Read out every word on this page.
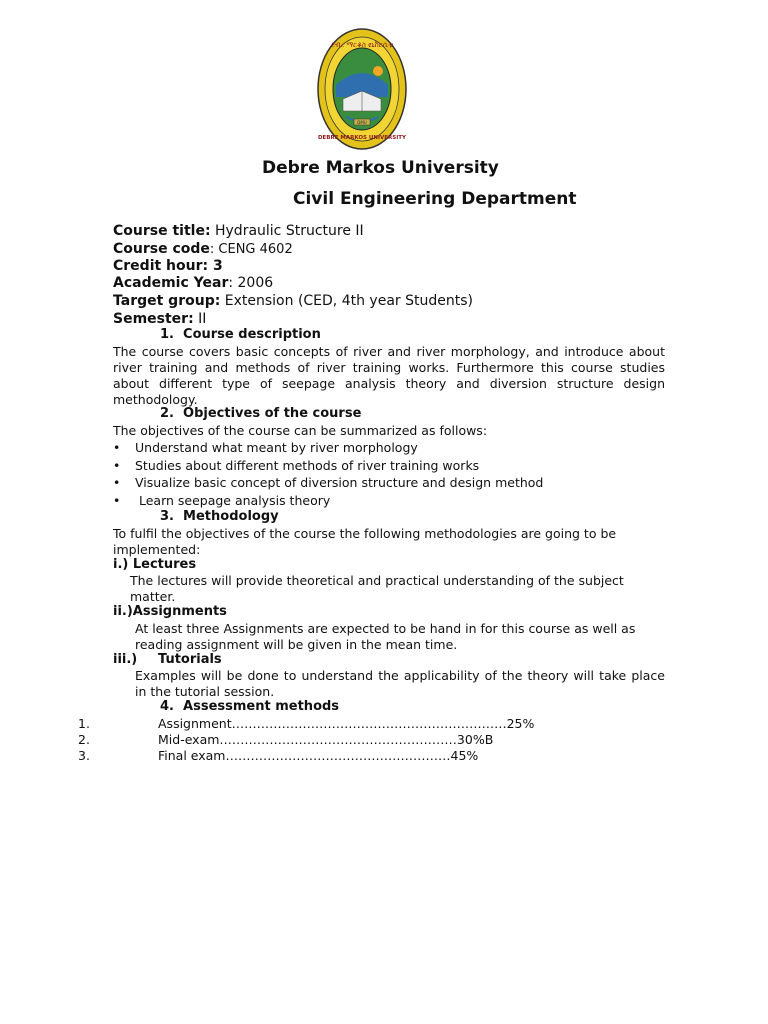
ደብረ ማርቆስ ዩኒቨርሲቲ
DEBRE MARKOS UNIVERSITY
DMU
Debre Markos University
Civil Engineering Department
Course title: Hydraulic Structure II
Course code: CENG 4602
Credit hour: 3
Academic Year: 2006
Target group: Extension (CED, 4th year Students)
Semester: II
1. Course description
The course covers basic concepts of river and river morphology, and introduce about river training and methods of river training works. Furthermore this course studies about different type of seepage analysis theory and diversion structure design methodology.
2. Objectives of the course
The objectives of the course can be summarized as follows:
• Understand what meant by river morphology
• Studies about different methods of river training works
• Visualize basic concept of diversion structure and design method
• Learn seepage analysis theory
3. Methodology
To fulfil the objectives of the course the following methodologies are going to be implemented:
i.) Lectures
The lectures will provide theoretical and practical understanding of the subject matter.
ii.)Assignments
At least three Assignments are expected to be hand in for this course as well as reading assignment will be given in the mean time.
iii.) Tutorials
Examples will be done to understand the applicability of the theory will take place in the tutorial session.
4. Assessment methods
1.	Assignment…………………………………………………………25%
2.	Mid-exam…………………………………………………30%B
3.	Final exam………………………………………………45%
